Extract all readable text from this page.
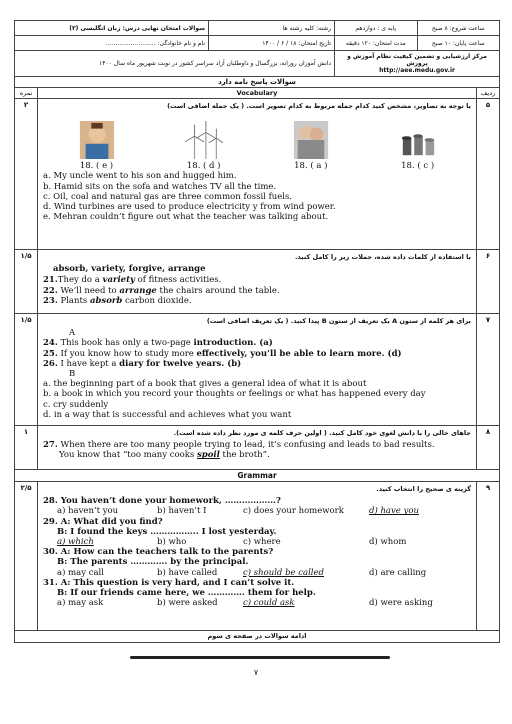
سوالات امتحان نهایی درس: زبان انگلیسی (۳)	رشته: کلیه رشته ها	پایه ی : دوازدهم	ساعت شروع: ۸ صبح
نام و نام خانوادگی: ..........................	تاریخ امتحان: ۱۸ / ۶ / ۱۴۰۰	مدت امتحان: ۱۲۰ دقیقه	ساعت پایان: ۱۰ صبح
دانش آموزان روزانه، بزرگسال و داوطلبان آزاد سراسر کشور در نوبت شهریور ماه سال ۱۴۰۰		مرکز ارزشیابی و تضمین کیفیت نظام آموزش و پرورش
http://aee.medu.gov.ir	
سوالات پاسخ نامه دارد
نمره	Vocabulary	ردیف
۲	۵
با توجه به تصاویر، مشخص کنید کدام جمله مربوط به کدام تصویر است. ( یک جمله اضافی است)
18. ( e )	18. ( d )	18. ( a )	18. ( c )

a. My uncle went to his son and hugged him.

b. Hamid sits on the sofa and watches TV all the time.

c. Oil, coal and natural gas are three common fossil fuels.

d. Wind turbines are used to produce electricity y from wind power.

e. Mehran couldn’t figure out what the teacher was talking about.

۱/۵	۶
با استفاده از کلمات داده شده، جملات زیر را کامل کنید.
absorb, variety, forgive, arrange

21.They do a variety of fitness activities.

22. We’ll need to arrange the chairs around the table.

23. Plants absorb carbon dioxide.

۱/۵	۷
برای هر کلمه از ستون A یک تعریف از ستون B پیدا کنید. ( یک تعریف اضافی است)

A

24. This book has only a two-page introduction. (a)

25. If you know how to study more effectively, you’ll be able to learn more. (d)

26. I have kept a diary for twelve years. (b)

B

a. the beginning part of a book that gives a general idea of what it is about

b. a book in which you record your thoughts or feelings or what has happened every day

c. cry suddenly

d. in a way that is successful and achieves what you want

۱	۸
جاهای خالی را با دانش لغوی خود کامل کنید. ( اولین حرف کلمه ی مورد نظر داده شده است).

27. When there are too many people trying to lead, it’s confusing and leads to bad results.

You know that “too many cooks spoil the broth”.

Grammar
۲/۵	۹
گزینه ی صحیح را انتخاب کنید.

28. You haven’t done your homework, ………………?

a) haven’t you	b) haven’t I	c) does your homework	d) have you

29. A: What did you find?

B: I found the keys …………….. I lost yesterday.

a) which	b) who	c) where	d) whom

30. A: How can the teachers talk to the parents?

B: The parents …………. by the principal.

a) may call	b) have called	c) should be called	d) are calling

31. A: This question is very hard, and I can’t solve it.

B: If our friends came here, we …………. them for help.

a) may ask	b) were asked	c) could ask	d) were asking
ادامه سوالات در صفحه ی سوم
۷
